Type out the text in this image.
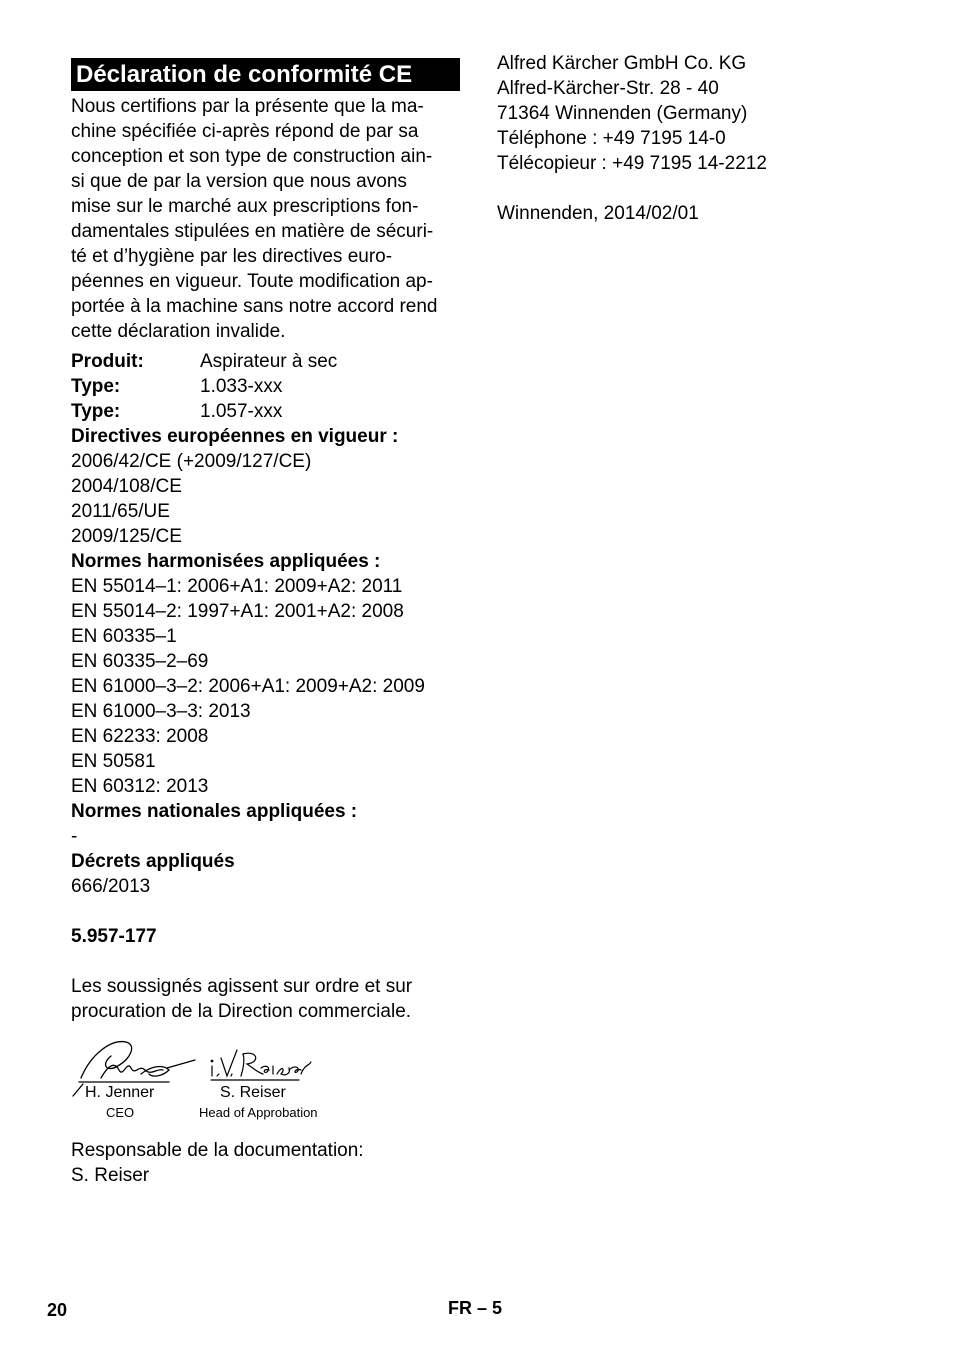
Déclaration de conformité CE
Nous certifions par la présente que la ma-
chine spécifiée ci-après répond de par sa
conception et son type de construction ain-
si que de par la version que nous avons
mise sur le marché aux prescriptions fon-
damentales stipulées en matière de sécuri-
té et d’hygiène par les directives euro-
péennes en vigueur. Toute modification ap-
portée à la machine sans notre accord rend
cette déclaration invalide.
Produit:	Aspirateur à sec
Type:	1.033-xxx
Type:	1.057-xxx
Directives européennes en vigueur :
2006/42/CE (+2009/127/CE)
2004/108/CE
2011/65/UE
2009/125/CE
Normes harmonisées appliquées :
EN 55014–1: 2006+A1: 2009+A2: 2011
EN 55014–2: 1997+A1: 2001+A2: 2008
EN 60335–1
EN 60335–2–69
EN 61000–3–2: 2006+A1: 2009+A2: 2009
EN 61000–3–3: 2013
EN 62233: 2008
EN 50581
EN 60312: 2013
Normes nationales appliquées :
-
Décrets appliqués
666/2013
5.957-177
Les soussignés agissent sur ordre et sur
procuration de la Direction commerciale.
H. Jenner
CEO
S. Reiser
Head of Approbation
Responsable de la documentation:
S. Reiser
Alfred Kärcher GmbH Co. KG
Alfred-Kärcher-Str. 28 - 40
71364 Winnenden (Germany)
Téléphone : +49 7195 14-0
Télécopieur : +49 7195 14-2212
Winnenden, 2014/02/01
20	FR – 5
